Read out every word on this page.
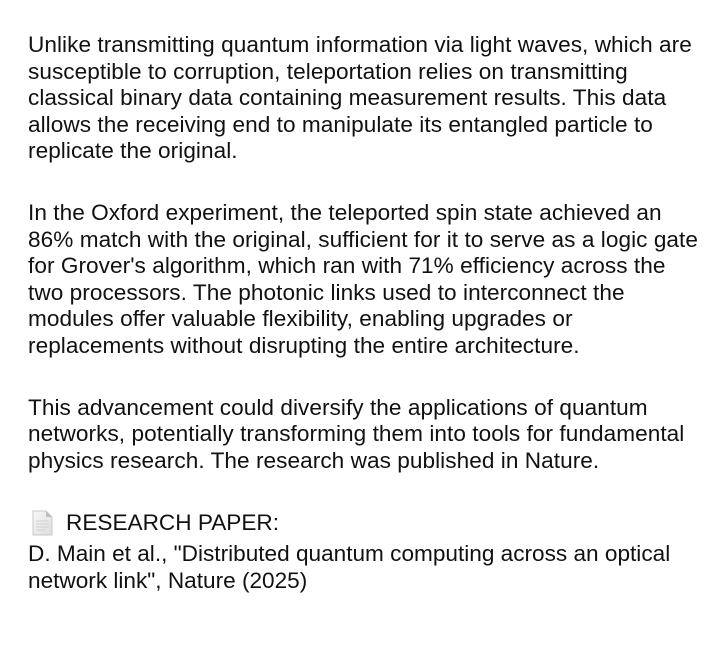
Unlike transmitting quantum information via light waves, which are susceptible to corruption, teleportation relies on transmitting classical binary data containing measurement results. This data allows the receiving end to manipulate its entangled particle to replicate the original.

In the Oxford experiment, the teleported spin state achieved an 86% match with the original, sufficient for it to serve as a logic gate for Grover's algorithm, which ran with 71% efficiency across the two processors. The photonic links used to interconnect the modules offer valuable flexibility, enabling upgrades or replacements without disrupting the entire architecture.

This advancement could diversify the applications of quantum networks, potentially transforming them into tools for fundamental physics research. The research was published in Nature.

RESEARCH PAPER:

D. Main et al., "Distributed quantum computing across an optical network link", Nature (2025)
